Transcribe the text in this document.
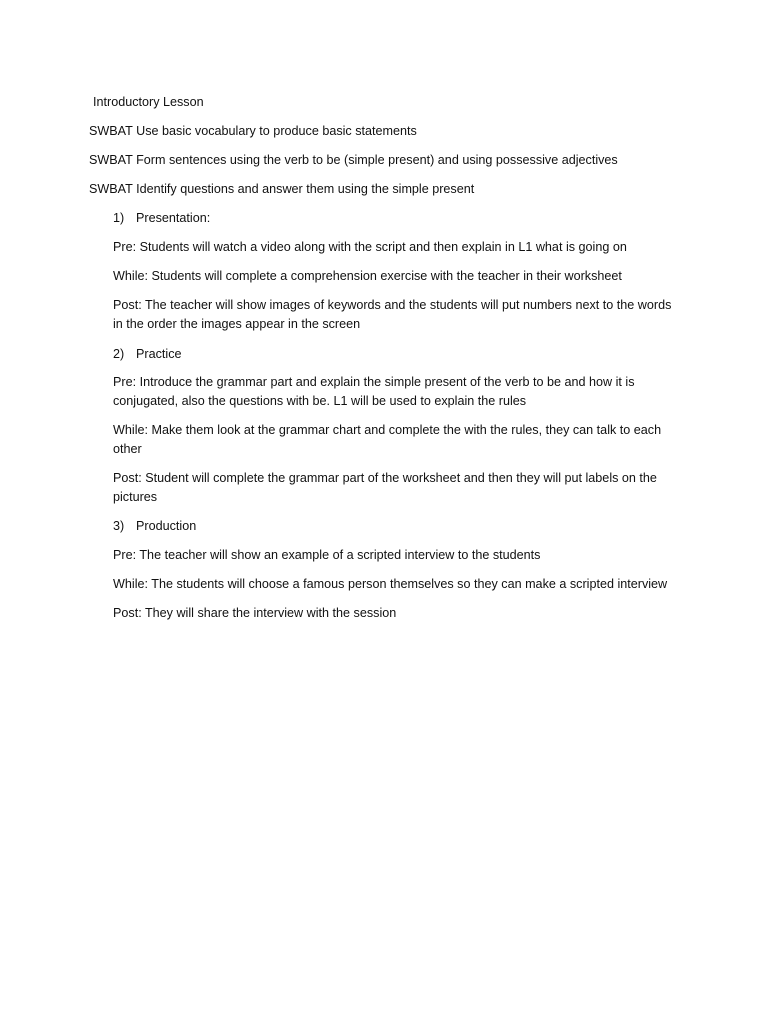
Introductory Lesson

SWBAT Use basic vocabulary to produce basic statements

SWBAT Form sentences using the verb to be (simple present) and using possessive adjectives

SWBAT Identify questions and answer them using the simple present

1) Presentation:

Pre: Students will watch a video along with the script and then explain in L1 what is going on

While: Students will complete a comprehension exercise with the teacher in their worksheet

Post: The teacher will show images of keywords and the students will put numbers next to the words in the order the images appear in the screen

2) Practice

Pre: Introduce the grammar part and explain the simple present of the verb to be and how it is conjugated, also the questions with be. L1 will be used to explain the rules

While: Make them look at the grammar chart and complete the with the rules, they can talk to each other

Post: Student will complete the grammar part of the worksheet and then they will put labels on the pictures

3) Production

Pre: The teacher will show an example of a scripted interview to the students

While: The students will choose a famous person themselves so they can make a scripted interview

Post: They will share the interview with the session
